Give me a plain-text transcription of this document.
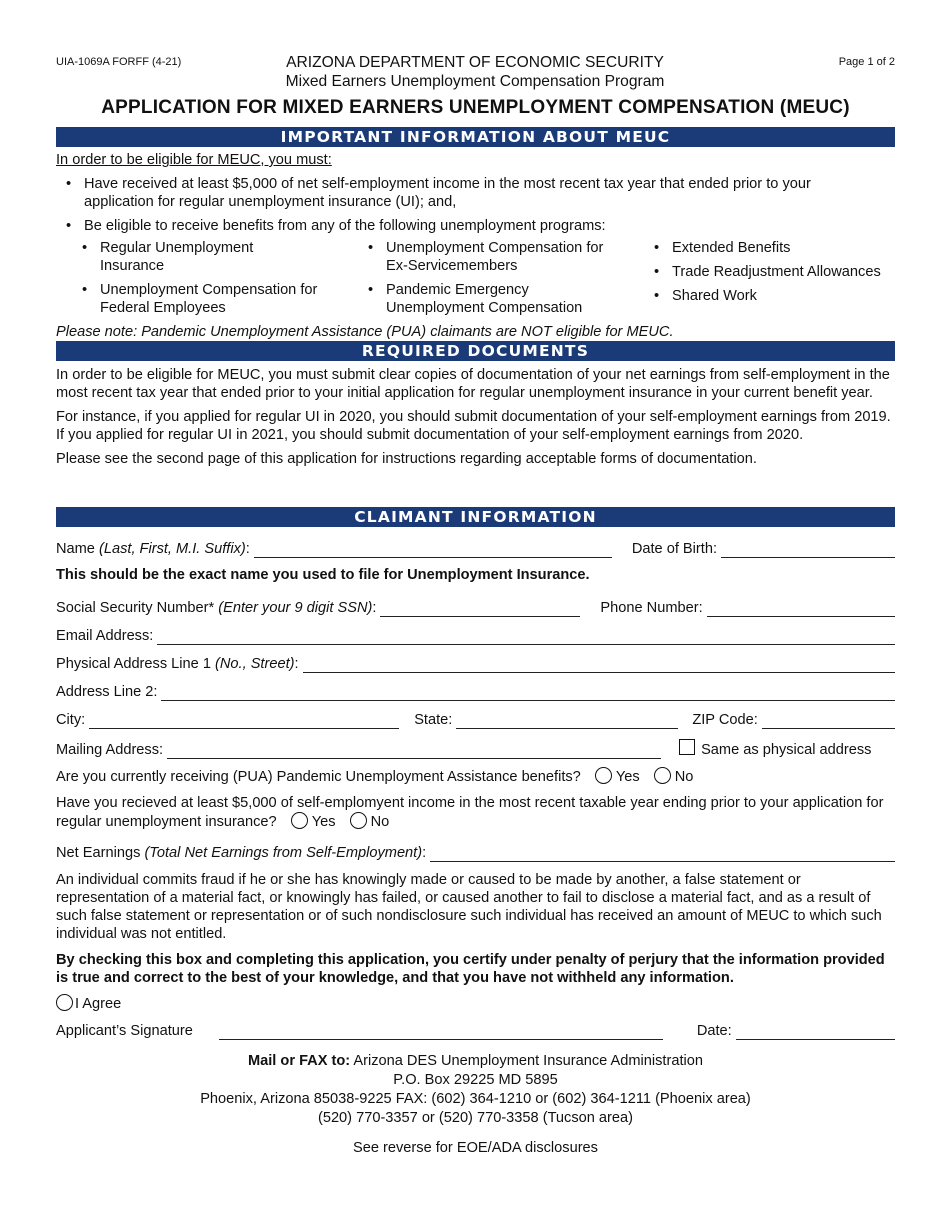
UIA-1069A FORFF (4-21)	Page 1 of 2
ARIZONA DEPARTMENT OF ECONOMIC SECURITY
Mixed Earners Unemployment Compensation Program
APPLICATION FOR MIXED EARNERS UNEMPLOYMENT COMPENSATION (MEUC)
IMPORTANT INFORMATION ABOUT MEUC

In order to be eligible for MEUC, you must:

• Have received at least $5,000 of net self-employment income in the most recent tax year that ended prior to your application for regular unemployment insurance (UI); and,
• Be eligible to receive benefits from any of the following unemployment programs:
• Regular Unemployment Insurance
• Unemployment Compensation for Federal Employees
• Unemployment Compensation for Ex-Servicemembers
• Pandemic Emergency Unemployment Compensation
• Extended Benefits
• Trade Readjustment Allowances
• Shared Work

Please note: Pandemic Unemployment Assistance (PUA) claimants are NOT eligible for MEUC.

REQUIRED DOCUMENTS

In order to be eligible for MEUC, you must submit clear copies of documentation of your net earnings from self-employment in the most recent tax year that ended prior to your initial application for regular unemployment insurance in your current benefit year.

For instance, if you applied for regular UI in 2020, you should submit documentation of your self-employment earnings from 2019. If you applied for regular UI in 2021, you should submit documentation of your self-employment earnings from 2020.

Please see the second page of this application for instructions regarding acceptable forms of documentation.

CLAIMANT INFORMATION
Name (Last, First, M.I. Suffix):	Date of Birth:
This should be the exact name you used to file for Unemployment Insurance.
Social Security Number* (Enter your 9 digit SSN):	Phone Number:
Email Address:
Physical Address Line 1 (No., Street):
Address Line 2:
City:	State:	ZIP Code:
Mailing Address:	Same as physical address
Are you currently receiving (PUA) Pandemic Unemployment Assistance benefits? Yes No
Have you recieved at least $5,000 of self-emplomyent income in the most recent taxable year ending prior to your application for regular unemployment insurance? Yes No
Net Earnings (Total Net Earnings from Self-Employment):
An individual commits fraud if he or she has knowingly made or caused to be made by another, a false statement or representation of a material fact, or knowingly has failed, or caused another to fail to disclose a material fact, and as a result of such false statement or representation or of such nondisclosure such individual has received an amount of MEUC to which such individual was not entitled.
By checking this box and completing this application, you certify under penalty of perjury that the information provided is true and correct to the best of your knowledge, and that you have not withheld any information.
I Agree
Applicant’s Signature	Date:
Mail or FAX to: Arizona DES Unemployment Insurance Administration
P.O. Box 29225 MD 5895
Phoenix, Arizona 85038-9225 FAX: (602) 364-1210 or (602) 364-1211 (Phoenix area)
(520) 770-3357 or (520) 770-3358 (Tucson area)
See reverse for EOE/ADA disclosures
